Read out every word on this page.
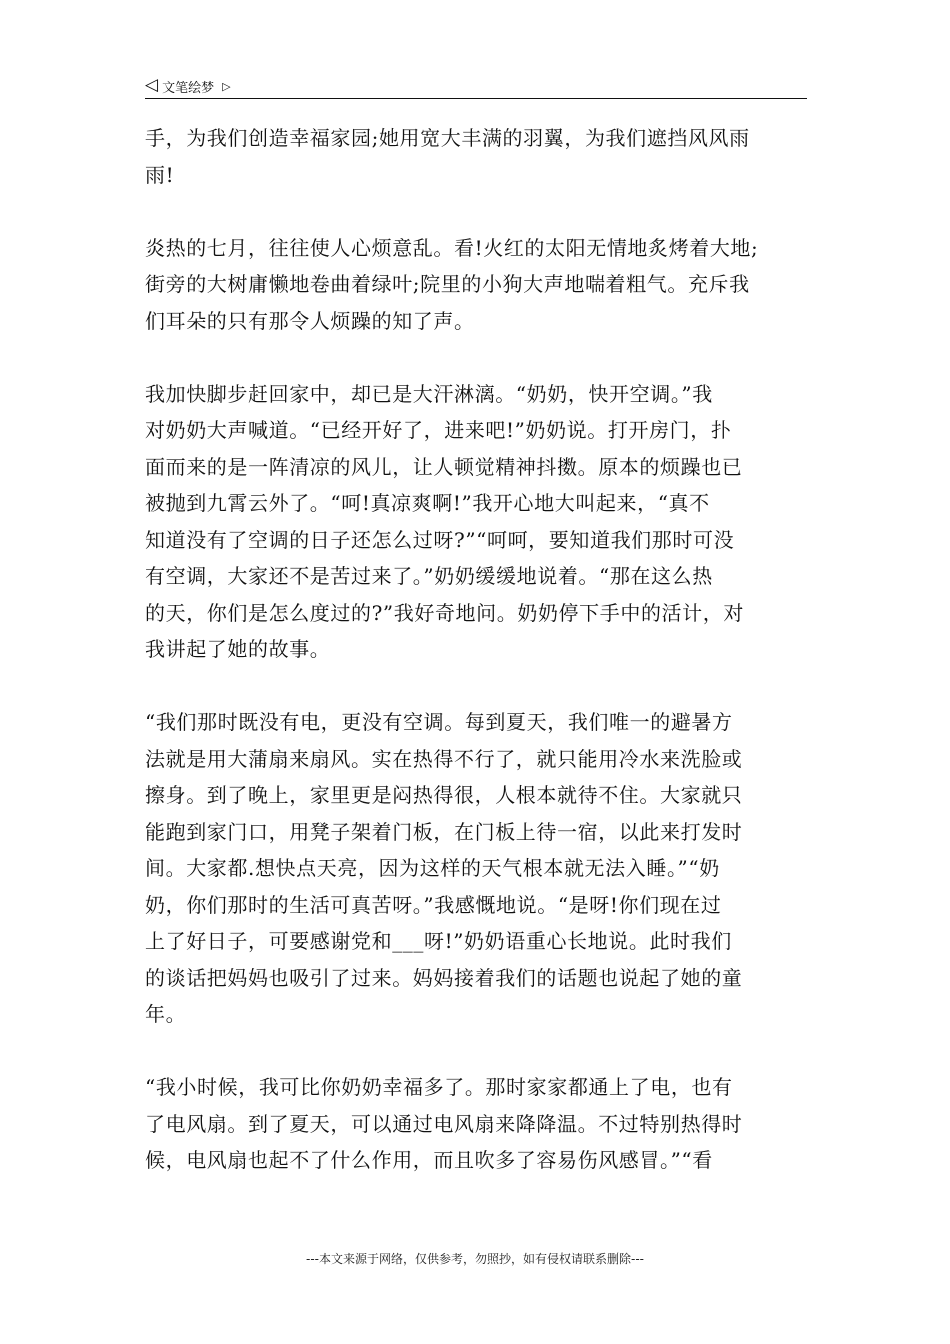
◁ 文笔绘梦 ▷

手，为我们创造幸福家园;她用宽大丰满的羽翼，为我们遮挡风风雨
雨!

炎热的七月，往往使人心烦意乱。看!火红的太阳无情地炙烤着大地;
街旁的大树庸懒地卷曲着绿叶;院里的小狗大声地喘着粗气。充斥我
们耳朵的只有那令人烦躁的知了声。

我加快脚步赶回家中，却已是大汗淋漓。“奶奶，快开空调。”我
对奶奶大声喊道。“已经开好了，进来吧!”奶奶说。打开房门，扑
面而来的是一阵清凉的风儿，让人顿觉精神抖擞。原本的烦躁也已
被抛到九霄云外了。“呵!真凉爽啊!”我开心地大叫起来，“真不
知道没有了空调的日子还怎么过呀?”“呵呵，要知道我们那时可没
有空调，大家还不是苦过来了。”奶奶缓缓地说着。“那在这么热
的天，你们是怎么度过的?”我好奇地问。奶奶停下手中的活计，对
我讲起了她的故事。

“我们那时既没有电，更没有空调。每到夏天，我们唯一的避暑方
法就是用大蒲扇来扇风。实在热得不行了，就只能用冷水来洗脸或
擦身。到了晚上，家里更是闷热得很，人根本就待不住。大家就只
能跑到家门口，用凳子架着门板，在门板上待一宿，以此来打发时
间。大家都.想快点天亮，因为这样的天气根本就无法入睡。”“奶
奶，你们那时的生活可真苦呀。”我感慨地说。“是呀!你们现在过
上了好日子，可要感谢党和___呀!”奶奶语重心长地说。此时我们
的谈话把妈妈也吸引了过来。妈妈接着我们的话题也说起了她的童
年。

“我小时候，我可比你奶奶幸福多了。那时家家都通上了电，也有
了电风扇。到了夏天，可以通过电风扇来降降温。不过特别热得时
候，电风扇也起不了什么作用，而且吹多了容易伤风感冒。”“看

---本文来源于网络，仅供参考，勿照抄，如有侵权请联系删除---
